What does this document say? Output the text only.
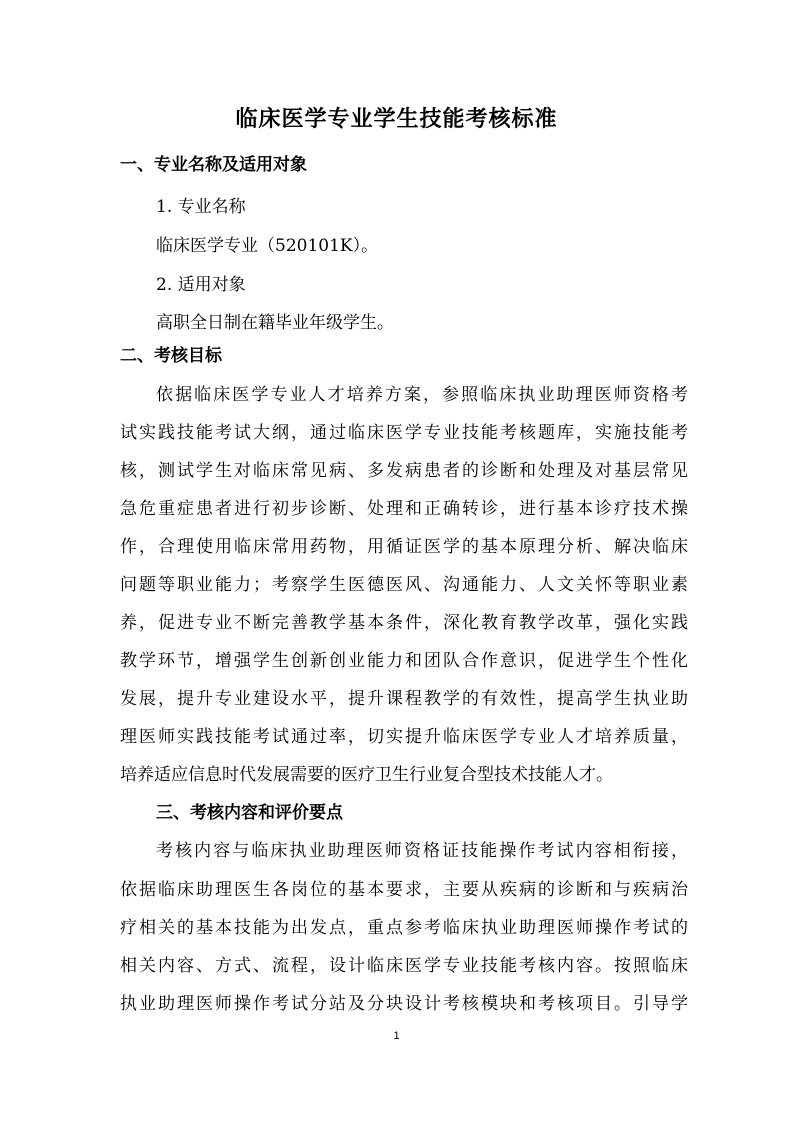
临床医学专业学生技能考核标准
一、专业名称及适用对象
1. 专业名称
临床医学专业（520101K）。
2. 适用对象
高职全日制在籍毕业年级学生。
二、考核目标
依据临床医学专业人才培养方案，参照临床执业助理医师资格考
试实践技能考试大纲，通过临床医学专业技能考核题库，实施技能考
核，测试学生对临床常见病、多发病患者的诊断和处理及对基层常见
急危重症患者进行初步诊断、处理和正确转诊，进行基本诊疗技术操
作，合理使用临床常用药物，用循证医学的基本原理分析、解决临床
问题等职业能力；考察学生医德医风、沟通能力、人文关怀等职业素
养，促进专业不断完善教学基本条件，深化教育教学改革，强化实践
教学环节，增强学生创新创业能力和团队合作意识，促进学生个性化
发展，提升专业建设水平，提升课程教学的有效性，提高学生执业助
理医师实践技能考试通过率，切实提升临床医学专业人才培养质量，
培养适应信息时代发展需要的医疗卫生行业复合型技术技能人才。
三、考核内容和评价要点
考核内容与临床执业助理医师资格证技能操作考试内容相衔接，
依据临床助理医生各岗位的基本要求，主要从疾病的诊断和与疾病治
疗相关的基本技能为出发点，重点参考临床执业助理医师操作考试的
相关内容、方式、流程，设计临床医学专业技能考核内容。按照临床
执业助理医师操作考试分站及分块设计考核模块和考核项目。引导学
1
